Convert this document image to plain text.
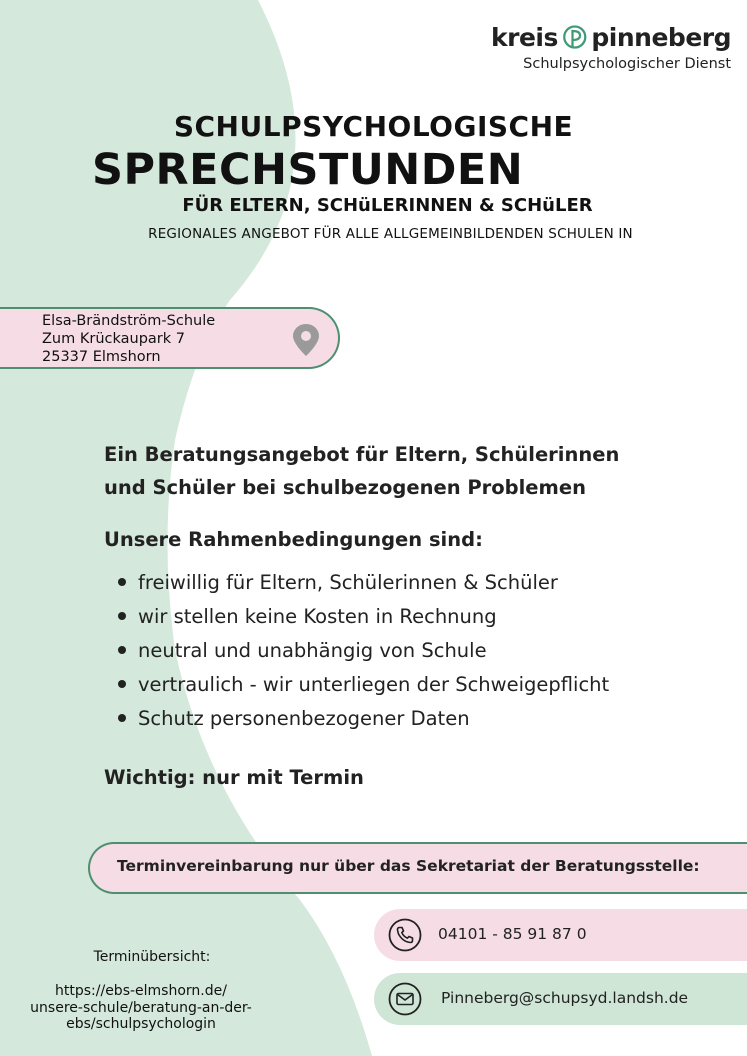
kreis pinneberg
Schulpsychologischer Dienst
SCHULPSYCHOLOGISCHE
SPRECHSTUNDEN
FÜR ELTERN, SCHüLERINNEN & SCHüLER
REGIONALES ANGEBOT FÜR ALLE ALLGEMEINBILDENDEN SCHULEN IN
Elsa-Brändström-Schule
Zum Krückaupark 7
25337 Elmshorn
Ein Beratungsangebot für Eltern, Schülerinnen
und Schüler bei schulbezogenen Problemen
Unsere Rahmenbedingungen sind:
freiwillig für Eltern, Schülerinnen & Schüler
wir stellen keine Kosten in Rechnung
neutral und unabhängig von Schule
vertraulich - wir unterliegen der Schweigepflicht
Schutz personenbezogener Daten
Wichtig: nur mit Termin
Terminvereinbarung nur über das Sekretariat der Beratungsstelle:
04101 - 85 91 87 0
Pinneberg@schupsyd.landsh.de
Terminübersicht:
https://ebs-elmshorn.de/
unsere-schule/beratung-an-der-
ebs/schulpsychologin
